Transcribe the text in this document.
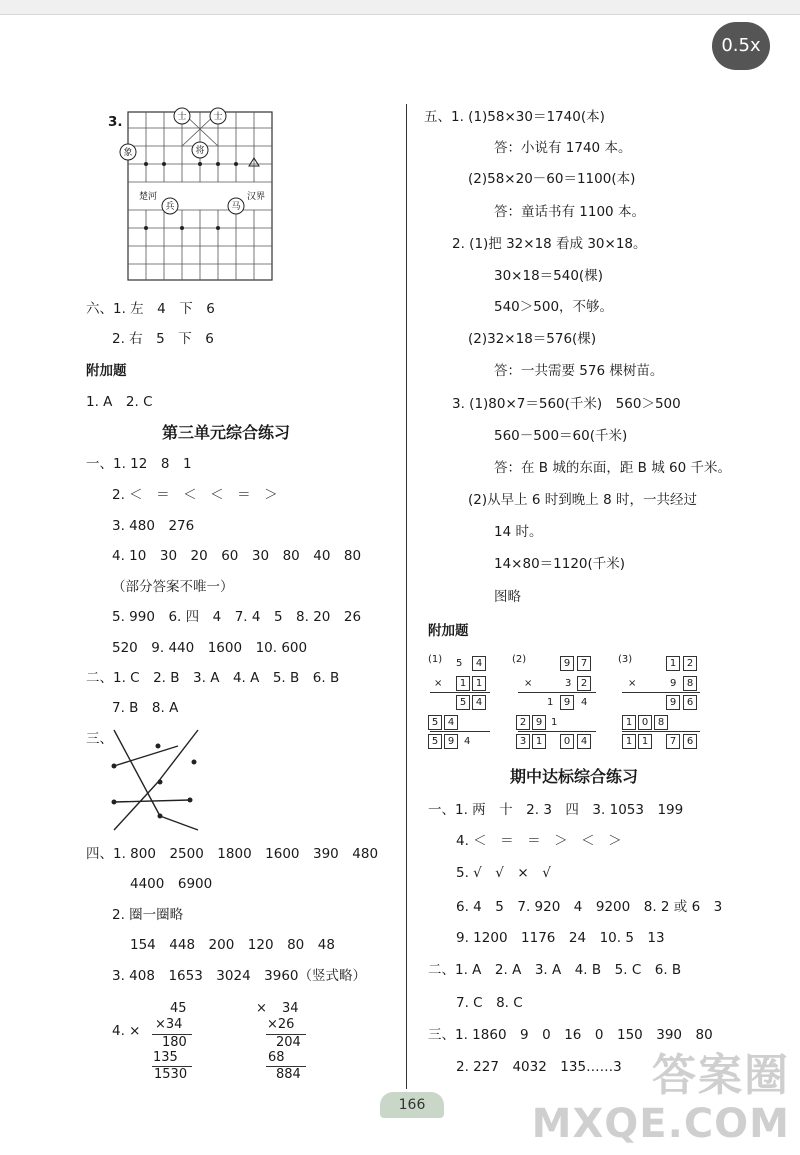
0.5x
3.	士	士
象	将
兵	马
楚河	汉界
六、1. 左　4　下　6
2. 右　5　下　6
附加题
1. A　2. C
第三单元综合练习
一、1. 12　8　1
2. ＜　＝　＜　＜　＝　＞
3. 480　276
4. 10　30　20　60　30　80　40　80
（部分答案不唯一）
5. 990　6. 四　4　7. 4　5　8. 20　26
520　9. 440　1600　10. 600
二、1. C　2. B　3. A　4. A　5. B　6. B
7. B　8. A
三、
四、1. 800　2500　1800　1600　390　480
4400　6900
2. 圈一圈略
154　448　200　120　80　48
3. 408　1653　3024　3960（竖式略）
4. ×
45
×34
180
135
1530
× 34
×26
204
68
884
五、1. (1)58×30＝1740(本)
答：小说有 1740 本。
(2)58×20－60＝1100(本)
答：童话书有 1100 本。
2. (1)把 32×18 看成 30×18。
30×18＝540(棵)
540＞500，不够。
(2)32×18＝576(棵)
答：一共需要 576 棵树苗。
3. (1)80×7＝560(千米)　560＞500
560－500＝60(千米)
答：在 B 城的东面，距 B 城 60 千米。
(2)从早上 6 时到晚上 8 时，一共经过
14 时。
14×80＝1120(千米)
图略
附加题
(1) 5	4
×	1 1
5 4
5 4
5 9 4
(2)	9	7
×	3 2
1	9	4
2 9 1
3 1	0	4
(3)	1	2
×	9	8
9	6
1 0 8
1 1	7	6
期中达标综合练习
一、1. 两　十　2. 3　四　3. 1053　199
4. ＜　＝　＝　＞　＜　＞
5. √　√　×　√
6. 4　5　7. 920　4　9200　8. 2 或 6　3
9. 1200　1176　24　10. 5　13
二、1. A　2. A　3. A　4. B　5. C　6. B
7. C　8. C
三、1. 1860　9　0　16　0　150　390　80
2. 227　4032　135……3
166
答案圈
MXQE.COM
